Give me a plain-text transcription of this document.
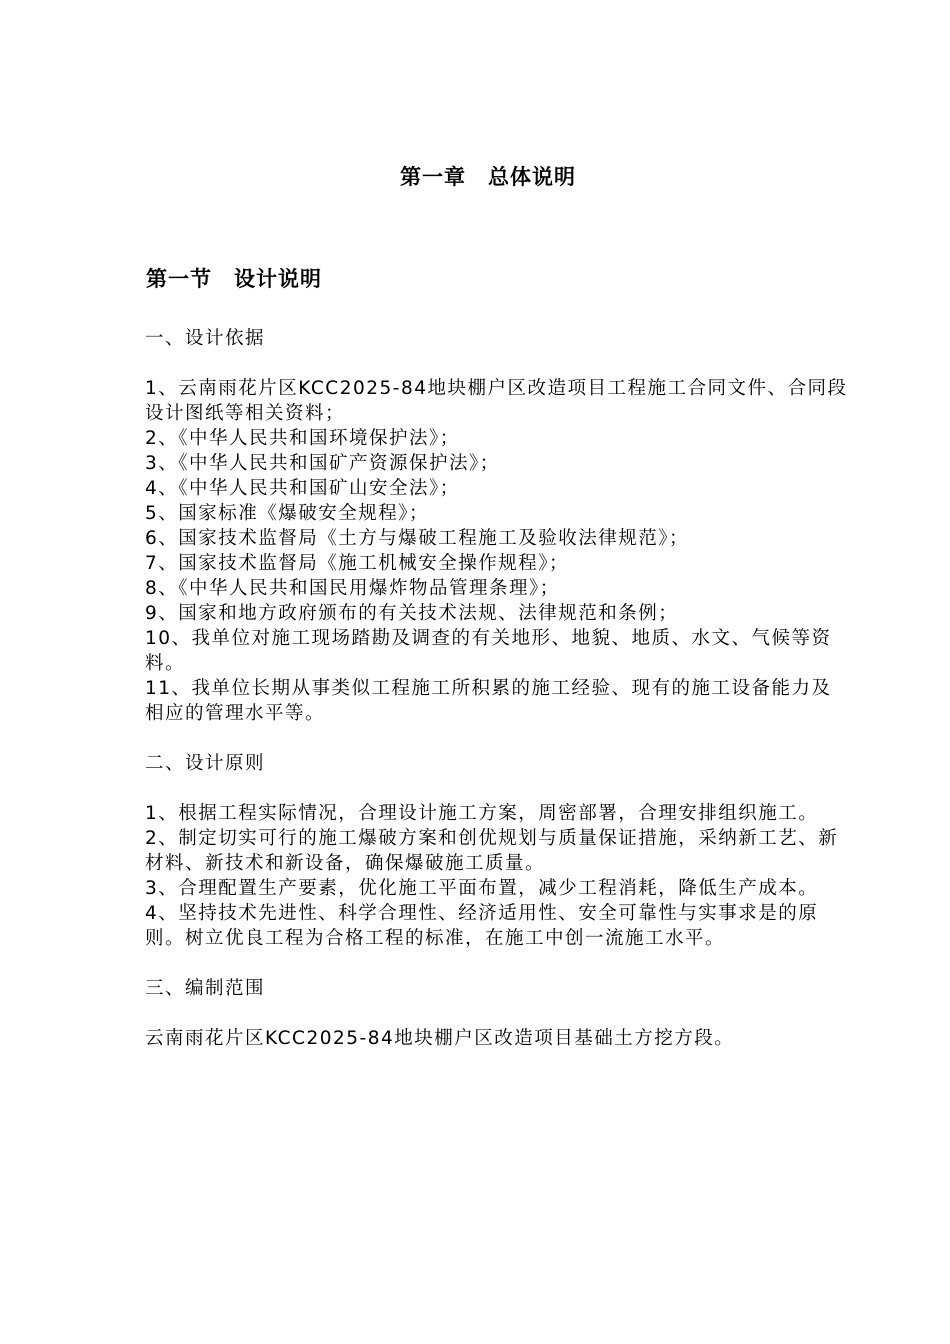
第一章　总体说明
第一节　设计说明

一、设计依据

1、云南雨花片区KCC2025-84地块棚户区改造项目工程施工合同文件、合同段设计图纸等相关资料；
2、《中华人民共和国环境保护法》；
3、《中华人民共和国矿产资源保护法》；
4、《中华人民共和国矿山安全法》；
5、国家标准《爆破安全规程》；
6、国家技术监督局《土方与爆破工程施工及验收法律规范》；
7、国家技术监督局《施工机械安全操作规程》；
8、《中华人民共和国民用爆炸物品管理条理》；
9、国家和地方政府颁布的有关技术法规、法律规范和条例；
10、我单位对施工现场踏勘及调查的有关地形、地貌、地质、水文、气候等资料。
11、我单位长期从事类似工程施工所积累的施工经验、现有的施工设备能力及相应的管理水平等。

二、设计原则

1、根据工程实际情况，合理设计施工方案，周密部署，合理安排组织施工。
2、制定切实可行的施工爆破方案和创优规划与质量保证措施，采纳新工艺、新材料、新技术和新设备，确保爆破施工质量。
3、合理配置生产要素，优化施工平面布置，减少工程消耗，降低生产成本。
4、坚持技术先进性、科学合理性、经济适用性、安全可靠性与实事求是的原则。树立优良工程为合格工程的标准，在施工中创一流施工水平。

三、编制范围

云南雨花片区KCC2025-84地块棚户区改造项目基础土方挖方段。
